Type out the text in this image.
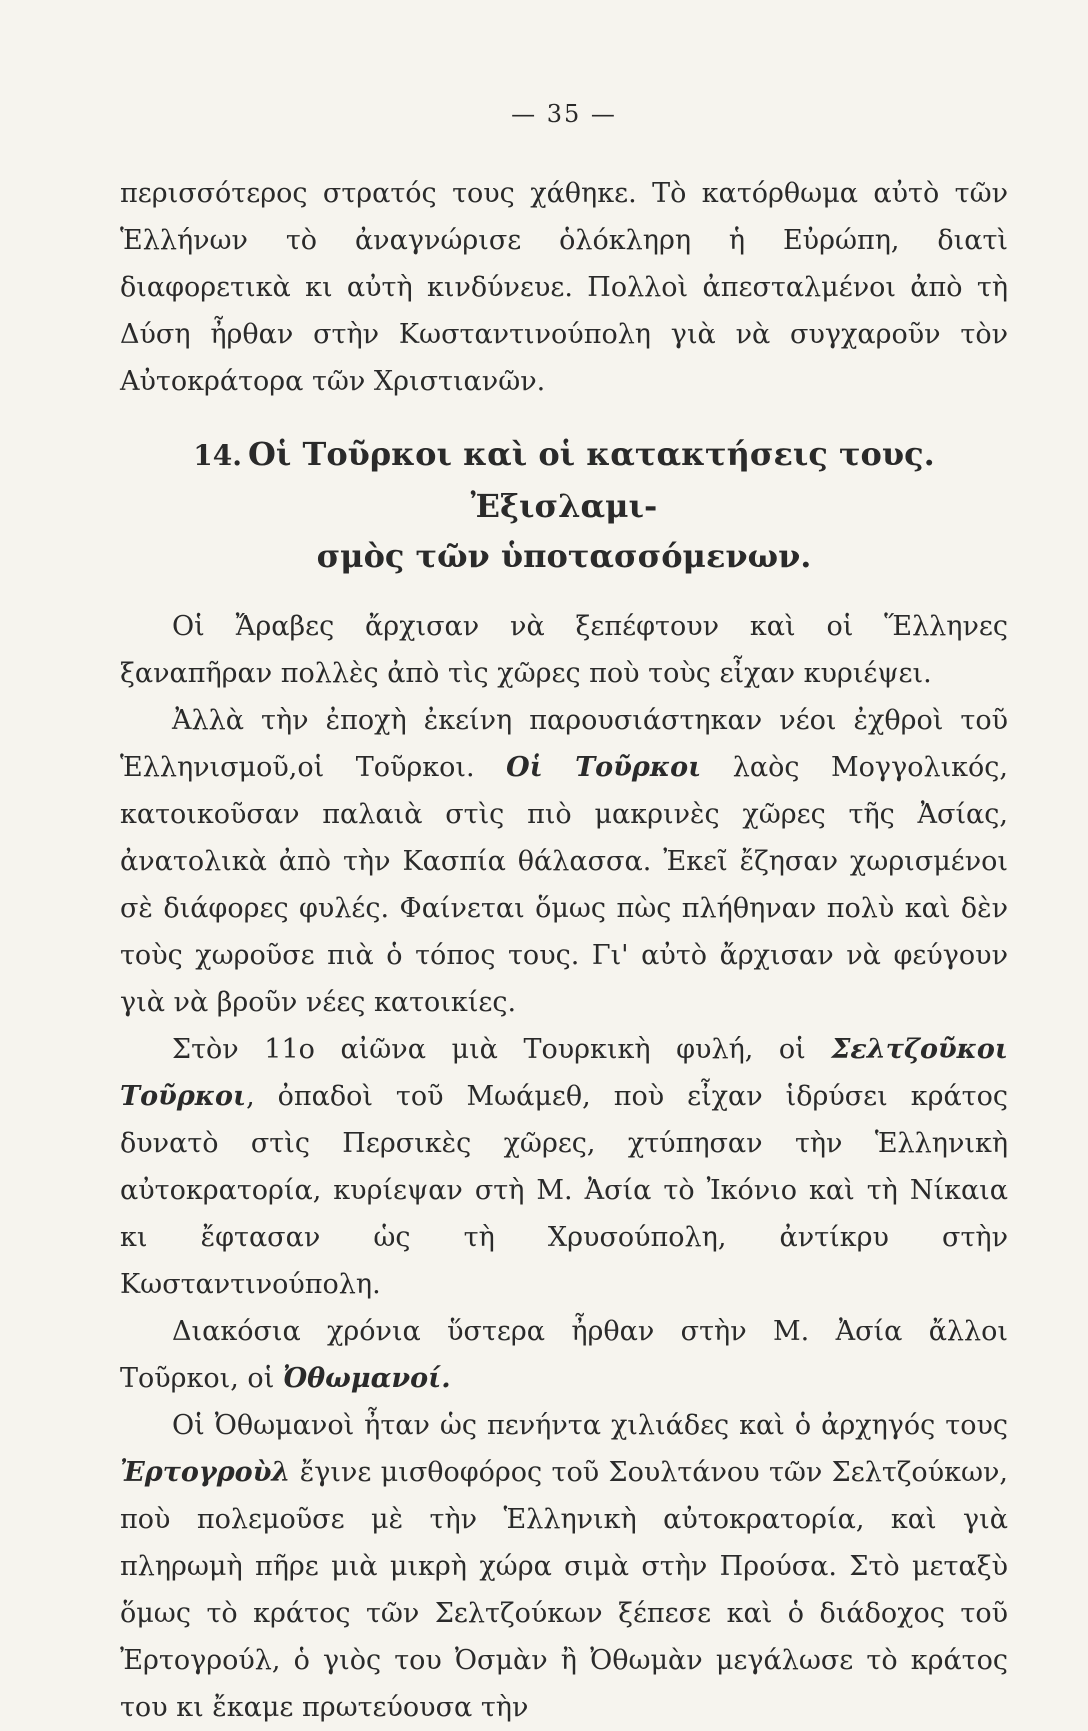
— 35 —

περισσότερος στρατός τους χάθηκε. Τὸ κατόρθωμα αὐτὸ τῶν Ἑλλήνων τὸ ἀναγνώρισε ὁλόκληρη ἡ Εὐρώπη, διατὶ διαφορετικὰ κι αὐτὴ κινδύνευε. Πολλοὶ ἀπεσταλμένοι ἀπὸ τὴ Δύση ἦρθαν στὴν Κωσταντινούπολη γιὰ νὰ συγχαροῦν τὸν Αὐτοκράτορα τῶν Χριστιανῶν.

14. Οἱ Τοῦρκοι καὶ οἱ κατακτήσεις τους. Ἐξισλαμι-
σμὸς τῶν ὑποτασσόμενων.

Οἱ Ἄραβες ἄρχισαν νὰ ξεπέφτουν καὶ οἱ Ἕλληνες ξαναπῆραν πολλὲς ἀπὸ τὶς χῶρες ποὺ τοὺς εἶχαν κυριέψει.

Ἀλλὰ τὴν ἐποχὴ ἐκείνη παρουσιάστηκαν νέοι ἐχθροὶ τοῦ Ἑλληνισμοῦ,οἱ Τοῦρκοι. Οἱ Τοῦρκοι λαὸς Μογγολικός, κατοικοῦσαν παλαιὰ στὶς πιὸ μακρινὲς χῶρες τῆς Ἀσίας, ἀνατολικὰ ἀπὸ τὴν Κασπία θάλασσα. Ἐκεῖ ἔζησαν χωρισμένοι σὲ διάφορες φυλές. Φαίνεται ὅμως πὼς πλήθηναν πολὺ καὶ δὲν τοὺς χωροῦσε πιὰ ὁ τόπος τους. Γι' αὐτὸ ἄρχισαν νὰ φεύγουν γιὰ νὰ βροῦν νέες κατοικίες.

Στὸν 11ο αἰῶνα μιὰ Τουρκικὴ φυλή, οἱ Σελτζοῦκοι Τοῦρκοι, ὀπαδοὶ τοῦ Μωάμεθ, ποὺ εἶχαν ἱδρύσει κράτος δυνατὸ στὶς Περσικὲς χῶρες, χτύπησαν τὴν Ἑλληνικὴ αὐτοκρατορία, κυρίεψαν στὴ Μ. Ἀσία τὸ Ἰκόνιο καὶ τὴ Νίκαια κι ἔφτασαν ὡς τὴ Χρυσούπολη, ἀντίκρυ στὴν Κωσταντινούπολη.

Διακόσια χρόνια ὕστερα ἦρθαν στὴν Μ. Ἀσία ἄλλοι Τοῦρκοι, οἱ Ὀθωμανοί.

Οἱ Ὀθωμανοὶ ἦταν ὡς πενήντα χιλιάδες καὶ ὁ ἀρχηγός τους Ἐρτογροὺλ ἔγινε μισθοφόρος τοῦ Σουλτάνου τῶν Σελτζούκων, ποὺ πολεμοῦσε μὲ τὴν Ἑλληνικὴ αὐτοκρατορία, καὶ γιὰ πληρωμὴ πῆρε μιὰ μικρὴ χώρα σιμὰ στὴν Προύσα. Στὸ μεταξὺ ὅμως τὸ κράτος τῶν Σελτζούκων ξέπεσε καὶ ὁ διάδοχος τοῦ Ἐρτογρούλ, ὁ γιὸς του Ὀσμὰν ἢ Ὀθωμὰν μεγάλωσε τὸ κράτος του κι ἔκαμε πρωτεύουσα τὴν
